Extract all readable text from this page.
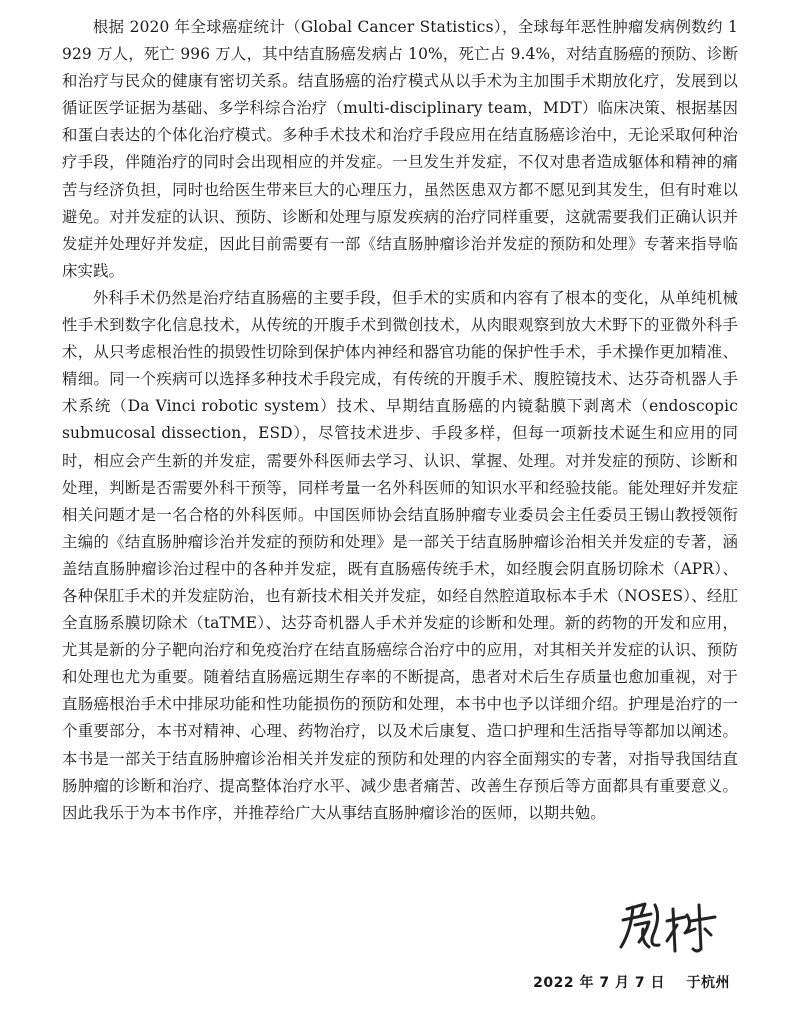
根据 2020 年全球癌症统计（Global Cancer Statistics），全球每年恶性肿瘤发病例数约 1 929 万人，死亡 996 万人，其中结直肠癌发病占 10%，死亡占 9.4%，对结直肠癌的预防、诊断和治疗与民众的健康有密切关系。结直肠癌的治疗模式从以手术为主加围手术期放化疗，发展到以循证医学证据为基础、多学科综合治疗（multi-disciplinary team，MDT）临床决策、根据基因和蛋白表达的个体化治疗模式。多种手术技术和治疗手段应用在结直肠癌诊治中，无论采取何种治疗手段，伴随治疗的同时会出现相应的并发症。一旦发生并发症，不仅对患者造成躯体和精神的痛苦与经济负担，同时也给医生带来巨大的心理压力，虽然医患双方都不愿见到其发生，但有时难以避免。对并发症的认识、预防、诊断和处理与原发疾病的治疗同样重要，这就需要我们正确认识并发症并处理好并发症，因此目前需要有一部《结直肠肿瘤诊治并发症的预防和处理》专著来指导临床实践。

外科手术仍然是治疗结直肠癌的主要手段，但手术的实质和内容有了根本的变化，从单纯机械性手术到数字化信息技术，从传统的开腹手术到微创技术，从肉眼观察到放大术野下的亚微外科手术，从只考虑根治性的损毁性切除到保护体内神经和器官功能的保护性手术，手术操作更加精准、精细。同一个疾病可以选择多种技术手段完成，有传统的开腹手术、腹腔镜技术、达芬奇机器人手术系统（Da Vinci robotic system）技术、早期结直肠癌的内镜黏膜下剥离术（endoscopic submucosal dissection，ESD），尽管技术进步、手段多样，但每一项新技术诞生和应用的同时，相应会产生新的并发症，需要外科医师去学习、认识、掌握、处理。对并发症的预防、诊断和处理，判断是否需要外科干预等，同样考量一名外科医师的知识水平和经验技能。能处理好并发症相关问题才是一名合格的外科医师。中国医师协会结直肠肿瘤专业委员会主任委员王锡山教授领衔主编的《结直肠肿瘤诊治并发症的预防和处理》是一部关于结直肠肿瘤诊治相关并发症的专著，涵盖结直肠肿瘤诊治过程中的各种并发症，既有直肠癌传统手术，如经腹会阴直肠切除术（APR）、各种保肛手术的并发症防治，也有新技术相关并发症，如经自然腔道取标本手术（NOSES）、经肛全直肠系膜切除术（taTME）、达芬奇机器人手术并发症的诊断和处理。新的药物的开发和应用，尤其是新的分子靶向治疗和免疫治疗在结直肠癌综合治疗中的应用，对其相关并发症的认识、预防和处理也尤为重要。随着结直肠癌远期生存率的不断提高，患者对术后生存质量也愈加重视，对于直肠癌根治手术中排尿功能和性功能损伤的预防和处理，本书中也予以详细介绍。护理是治疗的一个重要部分，本书对精神、心理、药物治疗，以及术后康复、造口护理和生活指导等都加以阐述。本书是一部关于结直肠肿瘤诊治相关并发症的预防和处理的内容全面翔实的专著，对指导我国结直肠肿瘤的诊断和治疗、提高整体治疗水平、减少患者痛苦、改善生存预后等方面都具有重要意义。因此我乐于为本书作序，并推荐给广大从事结直肠肿瘤诊治的医师，以期共勉。

2022 年 7 月 7 日 于杭州
